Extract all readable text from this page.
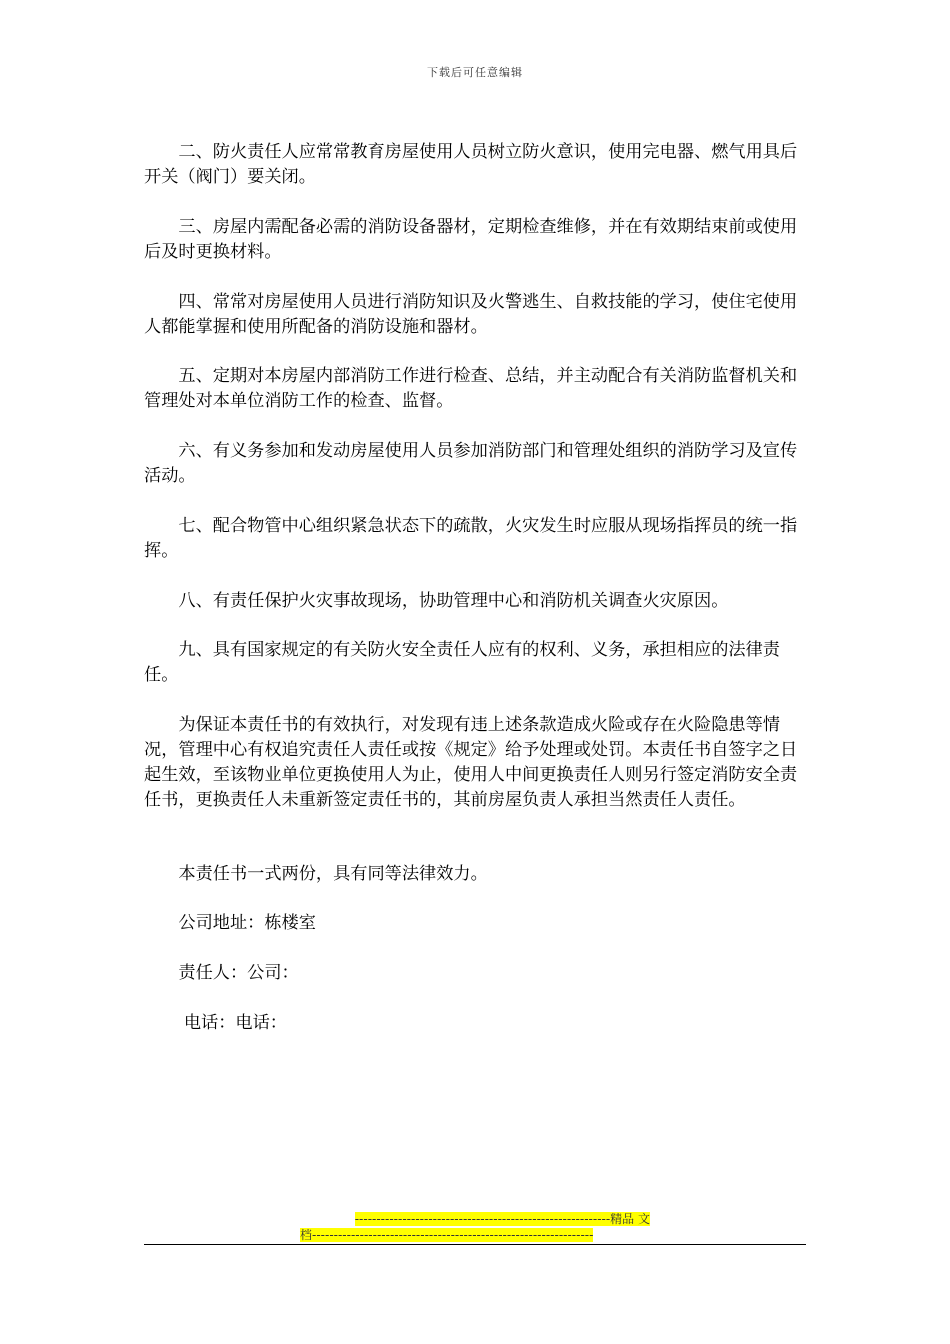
下载后可任意编辑

二、防火责任人应常常教育房屋使用人员树立防火意识，使用完电器、燃气用具后开关（阀门）要关闭。

三、房屋内需配备必需的消防设备器材，定期检查维修，并在有效期结束前或使用后及时更换材料。

四、常常对房屋使用人员进行消防知识及火警逃生、自救技能的学习，使住宅使用人都能掌握和使用所配备的消防设施和器材。

五、定期对本房屋内部消防工作进行检查、总结，并主动配合有关消防监督机关和管理处对本单位消防工作的检查、监督。

六、有义务参加和发动房屋使用人员参加消防部门和管理处组织的消防学习及宣传活动。

七、配合物管中心组织紧急状态下的疏散，火灾发生时应服从现场指挥员的统一指挥。

八、有责任保护火灾事故现场，协助管理中心和消防机关调查火灾原因。

九、具有国家规定的有关防火安全责任人应有的权利、义务，承担相应的法律责任。

为保证本责任书的有效执行，对发现有违上述条款造成火险或存在火险隐患等情况，管理中心有权追究责任人责任或按《规定》给予处理或处罚。本责任书自签字之日起生效，至该物业单位更换使用人为止，使用人中间更换责任人则另行签定消防安全责任书，更换责任人未重新签定责任书的，其前房屋负责人承担当然责任人责任。

本责任书一式两份，具有同等法律效力。

公司地址：栋楼室

责任人：公司：

电话：电话：

-----------------------------------------------------------精品 文
档-----------------------------------------------------------------
